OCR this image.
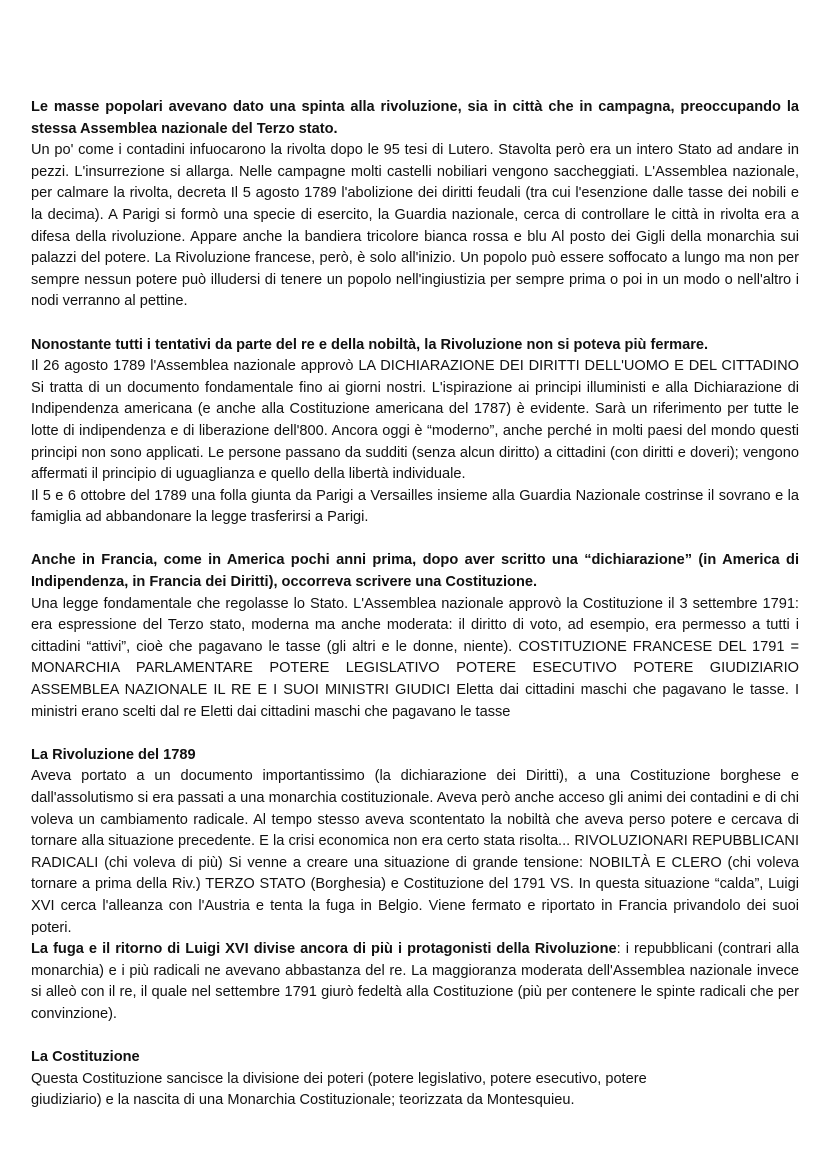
Le masse popolari avevano dato una spinta alla rivoluzione, sia in città che in campagna, preoccupando la stessa Assemblea nazionale del Terzo stato.

Un po' come i contadini infuocarono la rivolta dopo le 95 tesi di Lutero. Stavolta però era un intero Stato ad andare in pezzi. L'insurrezione si allarga. Nelle campagne molti castelli nobiliari vengono saccheggiati. L'Assemblea nazionale, per calmare la rivolta, decreta Il 5 agosto 1789 l'abolizione dei diritti feudali (tra cui l'esenzione dalle tasse dei nobili e la decima). A Parigi si formò una specie di esercito, la Guardia nazionale, cerca di controllare le città in rivolta era a difesa della rivoluzione. Appare anche la bandiera tricolore bianca rossa e blu Al posto dei Gigli della monarchia sui palazzi del potere. La Rivoluzione francese, però, è solo all'inizio. Un popolo può essere soffocato a lungo ma non per sempre nessun potere può illudersi di tenere un popolo nell'ingiustizia per sempre prima o poi in un modo o nell'altro i nodi verranno al pettine.

Nonostante tutti i tentativi da parte del re e della nobiltà, la Rivoluzione non si poteva più fermare.

Il 26 agosto 1789 l'Assemblea nazionale approvò LA DICHIARAZIONE DEI DIRITTI DELL'UOMO E DEL CITTADINO Si tratta di un documento fondamentale fino ai giorni nostri. L'ispirazione ai principi illuministi e alla Dichiarazione di Indipendenza americana (e anche alla Costituzione americana del 1787) è evidente. Sarà un riferimento per tutte le lotte di indipendenza e di liberazione dell'800. Ancora oggi è “moderno”, anche perché in molti paesi del mondo questi principi non sono applicati. Le persone passano da sudditi (senza alcun diritto) a cittadini (con diritti e doveri); vengono affermati il principio di uguaglianza e quello della libertà individuale.

Il 5 e 6 ottobre del 1789 una folla giunta da Parigi a Versailles insieme alla Guardia Nazionale costrinse il sovrano e la famiglia ad abbandonare la legge trasferirsi a Parigi.

Anche in Francia, come in America pochi anni prima, dopo aver scritto una “dichiarazione” (in America di Indipendenza, in Francia dei Diritti), occorreva scrivere una Costituzione.

Una legge fondamentale che regolasse lo Stato. L'Assemblea nazionale approvò la Costituzione il 3 settembre 1791: era espressione del Terzo stato, moderna ma anche moderata: il diritto di voto, ad esempio, era permesso a tutti i cittadini “attivi”, cioè che pagavano le tasse (gli altri e le donne, niente). COSTITUZIONE FRANCESE DEL 1791 = MONARCHIA PARLAMENTARE POTERE LEGISLATIVO POTERE ESECUTIVO POTERE GIUDIZIARIO ASSEMBLEA NAZIONALE IL RE E I SUOI MINISTRI GIUDICI Eletta dai cittadini maschi che pagavano le tasse. I ministri erano scelti dal re Eletti dai cittadini maschi che pagavano le tasse

La Rivoluzione del 1789

Aveva portato a un documento importantissimo (la dichiarazione dei Diritti), a una Costituzione borghese e dall'assolutismo si era passati a una monarchia costituzionale. Aveva però anche acceso gli animi dei contadini e di chi voleva un cambiamento radicale. Al tempo stesso aveva scontentato la nobiltà che aveva perso potere e cercava di tornare alla situazione precedente. E la crisi economica non era certo stata risolta... RIVOLUZIONARI REPUBBLICANI RADICALI (chi voleva di più) Si venne a creare una situazione di grande tensione: NOBILTÀ E CLERO (chi voleva tornare a prima della Riv.) TERZO STATO (Borghesia) e Costituzione del 1791 VS. In questa situazione “calda”, Luigi XVI cerca l'alleanza con l'Austria e tenta la fuga in Belgio. Viene fermato e riportato in Francia privandolo dei suoi poteri.

La fuga e il ritorno di Luigi XVI divise ancora di più i protagonisti della Rivoluzione: i repubblicani (contrari alla monarchia) e i più radicali ne avevano abbastanza del re. La maggioranza moderata dell'Assemblea nazionale invece si alleò con il re, il quale nel settembre 1791 giurò fedeltà alla Costituzione (più per contenere le spinte radicali che per convinzione).

La Costituzione

Questa Costituzione sancisce la divisione dei poteri (potere legislativo, potere esecutivo, potere

giudiziario) e la nascita di una Monarchia Costituzionale; teorizzata da Montesquieu.
